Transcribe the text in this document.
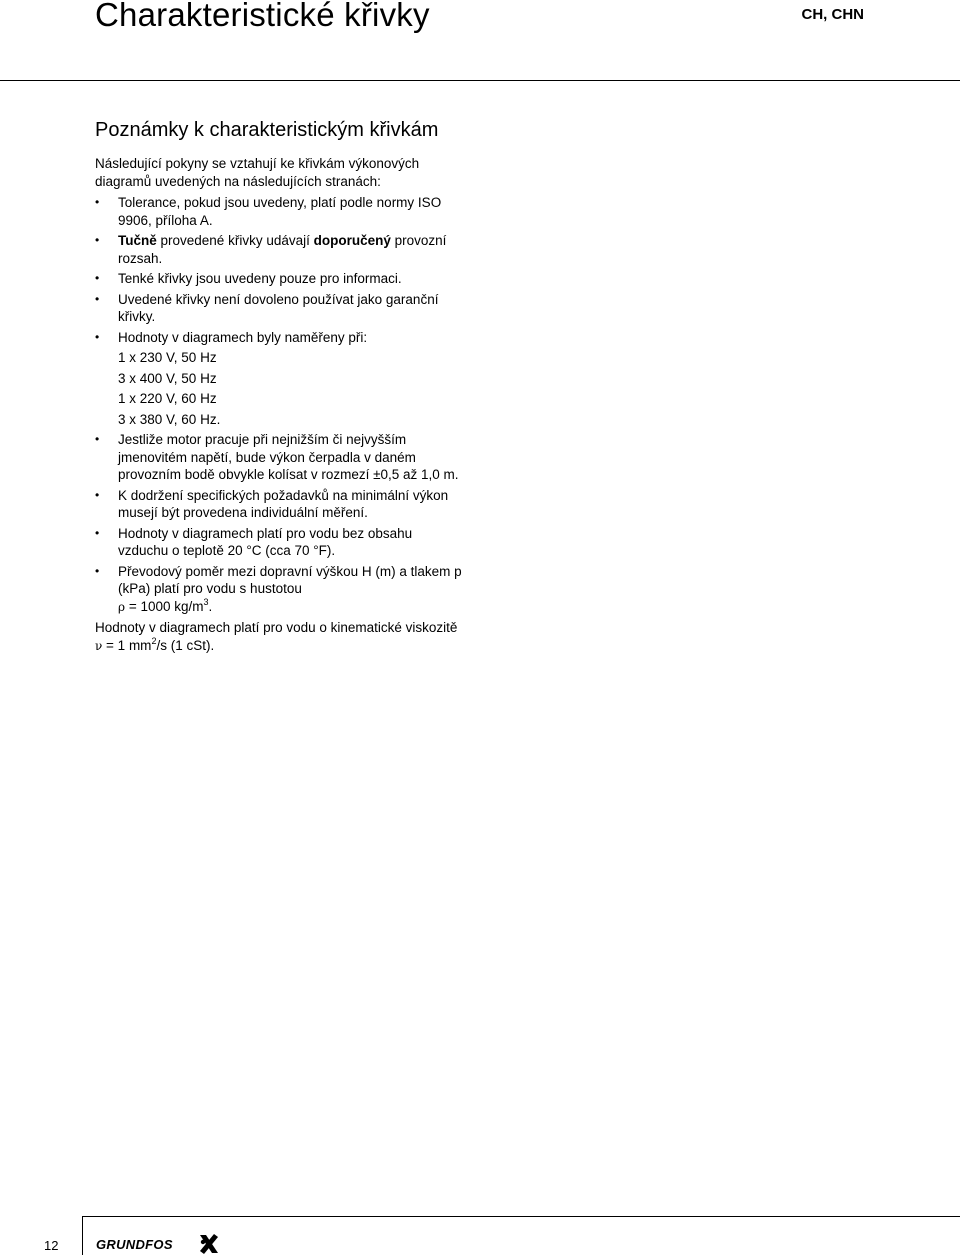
Charakteristické křivky	CH, CHN
Poznámky k charakteristickým křivkám

Následující pokyny se vztahují ke křivkám výkonových diagramů uvedených na následujících stranách:

• Tolerance, pokud jsou uvedeny, platí podle normy ISO 9906, příloha A.
• Tučně provedené křivky udávají doporučený provozní rozsah.
• Tenké křivky jsou uvedeny pouze pro informaci.
• Uvedené křivky není dovoleno používat jako garanční křivky.
• Hodnoty v diagramech byly naměřeny při:
1 x 230 V, 50 Hz
3 x 400 V, 50 Hz
1 x 220 V, 60 Hz
3 x 380 V, 60 Hz.
• Jestliže motor pracuje při nejnižším či nejvyšším jmenovitém napětí, bude výkon čerpadla v daném provozním bodě obvykle kolísat v rozmezí ±0,5 až 1,0 m.
• K dodržení specifických požadavků na minimální výkon musejí být provedena individuální měření.
• Hodnoty v diagramech platí pro vodu bez obsahu vzduchu o teplotě 20 °C (cca 70 °F).
• Převodový poměr mezi dopravní výškou H (m) a tlakem p (kPa) platí pro vodu s hustotou
ρ = 1000 $kg/m^3$.

Hodnoty v diagramech platí pro vodu o kinematické viskozitě ν = 1 $mm^2/s$ (1 cSt).

12	GRUNDFOS
